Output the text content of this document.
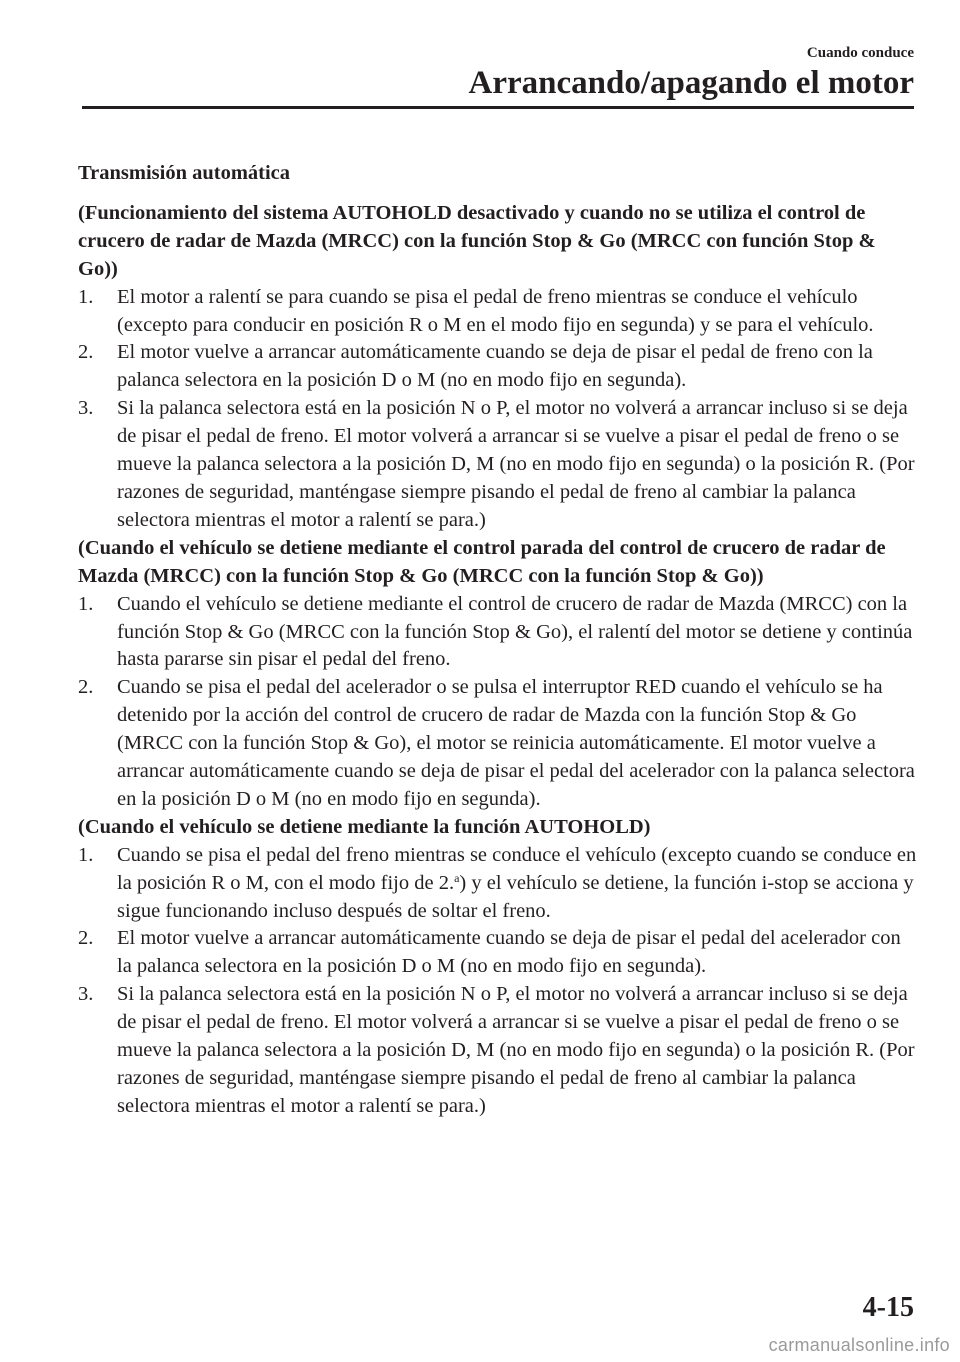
Cuando conduce
Arrancando/apagando el motor
Transmisión automática
(Funcionamiento del sistema AUTOHOLD desactivado y cuando no se utiliza el control de crucero de radar de Mazda (MRCC) con la función Stop & Go (MRCC con función Stop & Go))
1. El motor a ralentí se para cuando se pisa el pedal de freno mientras se conduce el vehículo (excepto para conducir en posición R o M en el modo fijo en segunda) y se para el vehículo.
2. El motor vuelve a arrancar automáticamente cuando se deja de pisar el pedal de freno con la palanca selectora en la posición D o M (no en modo fijo en segunda).
3. Si la palanca selectora está en la posición N o P, el motor no volverá a arrancar incluso si se deja de pisar el pedal de freno. El motor volverá a arrancar si se vuelve a pisar el pedal de freno o se mueve la palanca selectora a la posición D, M (no en modo fijo en segunda) o la posición R. (Por razones de seguridad, manténgase siempre pisando el pedal de freno al cambiar la palanca selectora mientras el motor a ralentí se para.)
(Cuando el vehículo se detiene mediante el control parada del control de crucero de radar de Mazda (MRCC) con la función Stop & Go (MRCC con la función Stop & Go))
1. Cuando el vehículo se detiene mediante el control de crucero de radar de Mazda (MRCC) con la función Stop & Go (MRCC con la función Stop & Go), el ralentí del motor se detiene y continúa hasta pararse sin pisar el pedal del freno.
2. Cuando se pisa el pedal del acelerador o se pulsa el interruptor RED cuando el vehículo se ha detenido por la acción del control de crucero de radar de Mazda con la función Stop & Go (MRCC con la función Stop & Go), el motor se reinicia automáticamente. El motor vuelve a arrancar automáticamente cuando se deja de pisar el pedal del acelerador con la palanca selectora en la posición D o M (no en modo fijo en segunda).
(Cuando el vehículo se detiene mediante la función AUTOHOLD)
1. Cuando se pisa el pedal del freno mientras se conduce el vehículo (excepto cuando se conduce en la posición R o M, con el modo fijo de 2.$^a$) y el vehículo se detiene, la función i-stop se acciona y sigue funcionando incluso después de soltar el freno.
2. El motor vuelve a arrancar automáticamente cuando se deja de pisar el pedal del acelerador con la palanca selectora en la posición D o M (no en modo fijo en segunda).
3. Si la palanca selectora está en la posición N o P, el motor no volverá a arrancar incluso si se deja de pisar el pedal de freno. El motor volverá a arrancar si se vuelve a pisar el pedal de freno o se mueve la palanca selectora a la posición D, M (no en modo fijo en segunda) o la posición R. (Por razones de seguridad, manténgase siempre pisando el pedal de freno al cambiar la palanca selectora mientras el motor a ralentí se para.)
4-15
carmanualsonline.info
